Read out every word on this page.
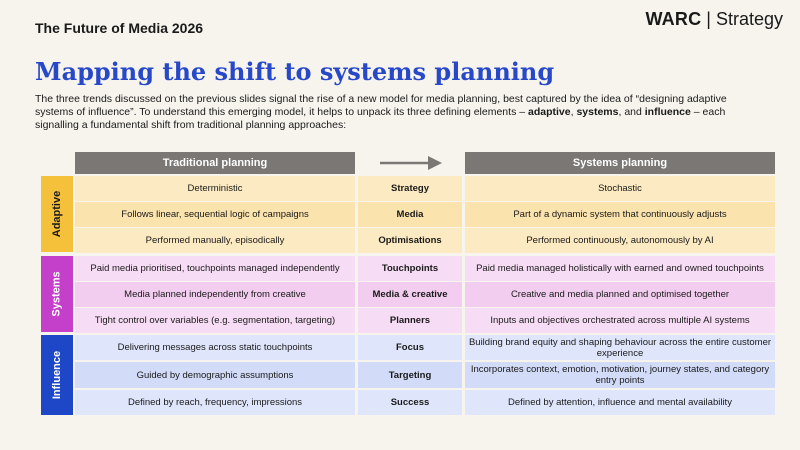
The Future of Media 2026	WARC | Strategy
Mapping the shift to systems planning

The three trends discussed on the previous slides signal the rise of a new model for media planning, best captured by the idea of “designing adaptive systems of influence”. To understand this emerging model, it helps to unpack its three defining elements – adaptive, systems, and influence – each signalling a fundamental shift from traditional planning approaches:

Traditional planning	Systems planning
Adaptive
Systems
Influence
Deterministic	Strategy	Stochastic
Follows linear, sequential logic of campaigns	Media	Part of a dynamic system that continuously adjusts
Performed manually, episodically	Optimisations	Performed continuously, autonomously by AI
Paid media prioritised, touchpoints managed independently	Touchpoints	Paid media managed holistically with earned and owned touchpoints
Media planned independently from creative	Media & creative	Creative and media planned and optimised together
Tight control over variables (e.g. segmentation, targeting)	Planners	Inputs and objectives orchestrated across multiple AI systems
Delivering messages across static touchpoints	Focus	Building brand equity and shaping behaviour across the entire customer experience
Guided by demographic assumptions	Targeting	Incorporates context, emotion, motivation, journey states, and category entry points
Defined by reach, frequency, impressions	Success	Defined by attention, influence and mental availability
